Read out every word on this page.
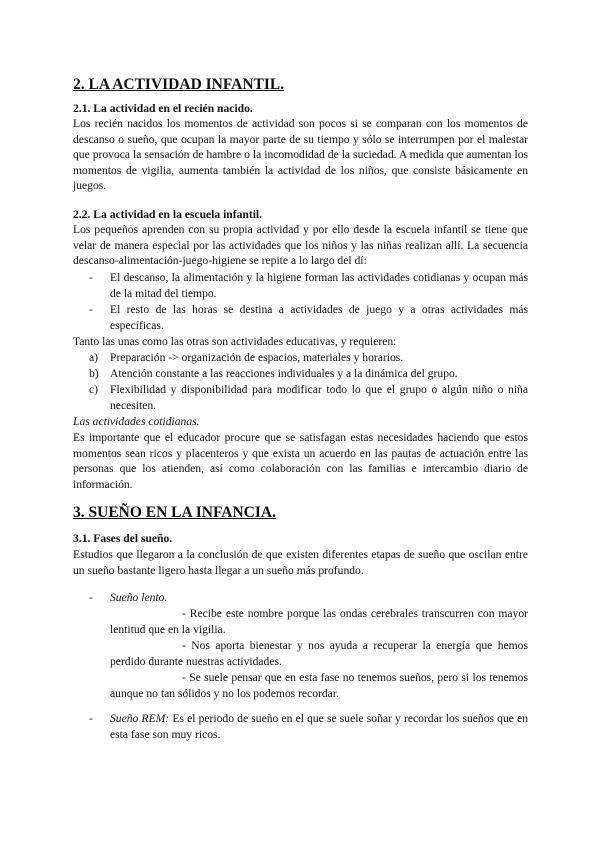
2. LA ACTIVIDAD INFANTIL.
2.1. La actividad en el recién nacido.

Los recién nacidos los momentos de actividad son pocos si se comparan con los momentos de descanso o sueño, que ocupan la mayor parte de su tiempo y sólo se interrumpen por el malestar que provoca la sensación de hambre o la incomodidad de la suciedad. A medida que aumentan los momentos de vigilia, aumenta también la actividad de los niños, que consiste básicamente en juegos.

2.2. La actividad en la escuela infantil.

Los pequeños aprenden con su propia actividad y por ello desde la escuela infantil se tiene que velar de manera especial por las actividades que los niños y las niñas realizan allí. La secuencia descanso-alimentación-juego-higiene se repite a lo largo del dí:

- El descanso, la alimentación y la higiene forman las actividades cotidianas y ocupan más de la mitad del tiempo.
- El resto de las horas se destina a actividades de juego y a otras actividades más específicas.

Tanto las unas como las otras son actividades educativas, y requieren:

a) Preparación -> organización de espacios, materiales y horarios.
b) Atención constante a las reacciones individuales y a la dinámica del grupo.
c) Flexibilidad y disponibilidad para modificar todo lo que el grupo o algún niño o niña necesiten.

Las actividades cotidianas.

Es importante que el educador procure que se satisfagan estas necesidades haciendo que estos momentos sean ricos y placenteros y que exista un acuerdo en las pautas de actuación entre las personas que los atienden, así como colaboración con las familias e intercambio diario de información.

3. SUEÑO EN LA INFANCIA.
3.1. Fases del sueño.

Estudios que llegaron a la conclusión de que existen diferentes etapas de sueño que oscilan entre un sueño bastante ligero hasta llegar a un sueño más profundo.

- Sueño lento.
- Recibe este nombre porque las ondas cerebrales transcurren con mayor lentitud que en la vigilia.
- Nos aporta bienestar y nos ayuda a recuperar la energía que hemos perdido durante nuestras actividades.
- Se suele pensar que en esta fase no tenemos sueños, pero si los tenemos aunque no tan sólidos y no los podemos recordar.
- Sueño REM: Es el periodo de sueño en el que se suele soñar y recordar los sueños que en esta fase son muy ricos.
